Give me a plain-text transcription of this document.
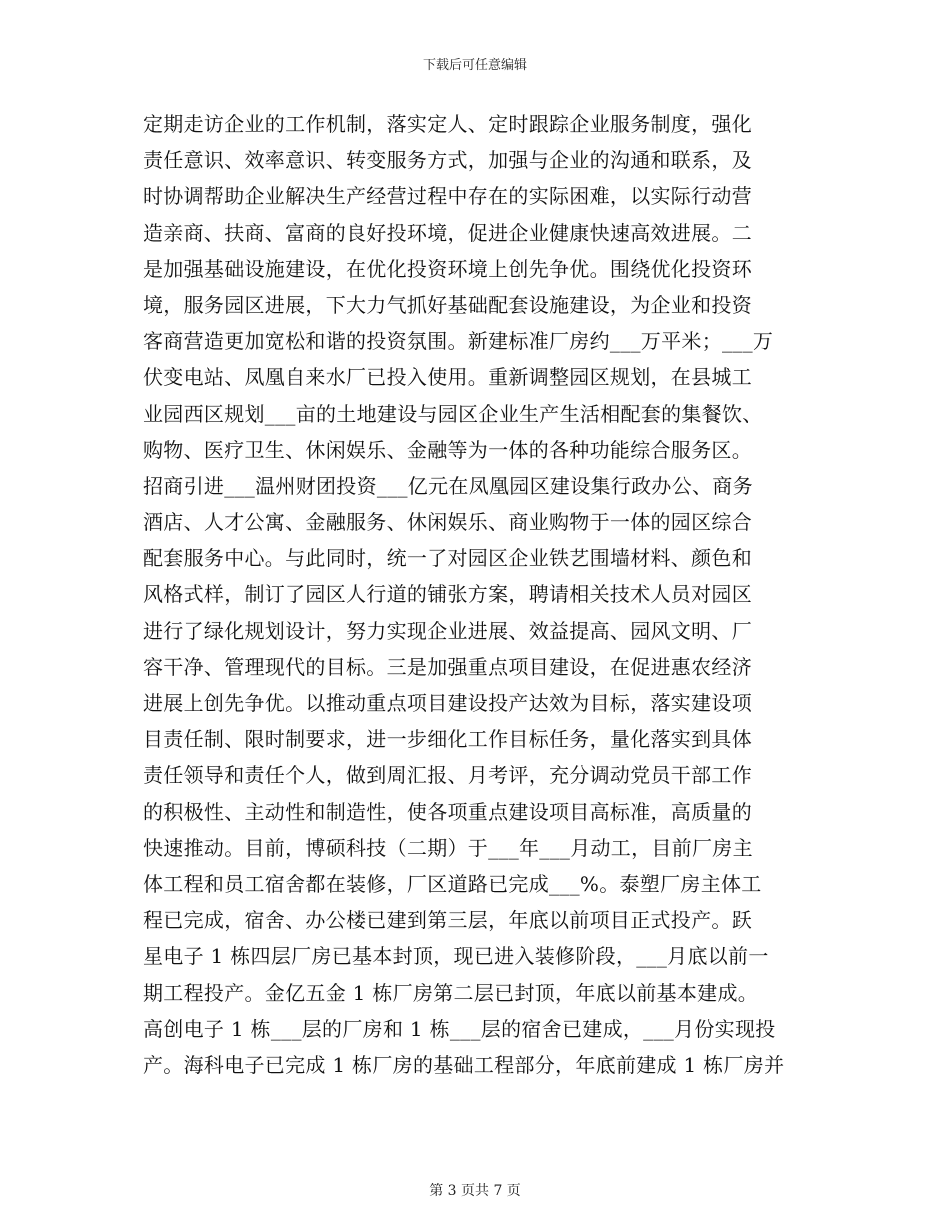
下载后可任意编辑
定期走访企业的工作机制，落实定人、定时跟踪企业服务制度，强化
责任意识、效率意识、转变服务方式，加强与企业的沟通和联系，及
时协调帮助企业解决生产经营过程中存在的实际困难，以实际行动营
造亲商、扶商、富商的良好投环境，促进企业健康快速高效进展。二
是加强基础设施建设，在优化投资环境上创先争优。围绕优化投资环
境，服务园区进展，下大力气抓好基础配套设施建设，为企业和投资
客商营造更加宽松和谐的投资氛围。新建标准厂房约___万平米；___万
伏变电站、凤凰自来水厂已投入使用。重新调整园区规划，在县城工
业园西区规划___亩的土地建设与园区企业生产生活相配套的集餐饮、
购物、医疗卫生、休闲娱乐、金融等为一体的各种功能综合服务区。
招商引进___温州财团投资___亿元在凤凰园区建设集行政办公、商务
酒店、人才公寓、金融服务、休闲娱乐、商业购物于一体的园区综合
配套服务中心。与此同时，统一了对园区企业铁艺围墙材料、颜色和
风格式样，制订了园区人行道的铺张方案，聘请相关技术人员对园区
进行了绿化规划设计，努力实现企业进展、效益提高、园风文明、厂
容干净、管理现代的目标。三是加强重点项目建设，在促进惠农经济
进展上创先争优。以推动重点项目建设投产达效为目标，落实建设项
目责任制、限时制要求，进一步细化工作目标任务，量化落实到具体
责任领导和责任个人，做到周汇报、月考评，充分调动党员干部工作
的积极性、主动性和制造性，使各项重点建设项目高标准，高质量的
快速推动。目前，博硕科技（二期）于___年___月动工，目前厂房主
体工程和员工宿舍都在装修，厂区道路已完成___%。泰塑厂房主体工
程已完成，宿舍、办公楼已建到第三层，年底以前项目正式投产。跃
星电子 1 栋四层厂房已基本封顶，现已进入装修阶段，___月底以前一
期工程投产。金亿五金 1 栋厂房第二层已封顶，年底以前基本建成。
高创电子 1 栋___层的厂房和 1 栋___层的宿舍已建成，___月份实现投
产。海科电子已完成 1 栋厂房的基础工程部分，年底前建成 1 栋厂房并
第 3 页共 7 页
